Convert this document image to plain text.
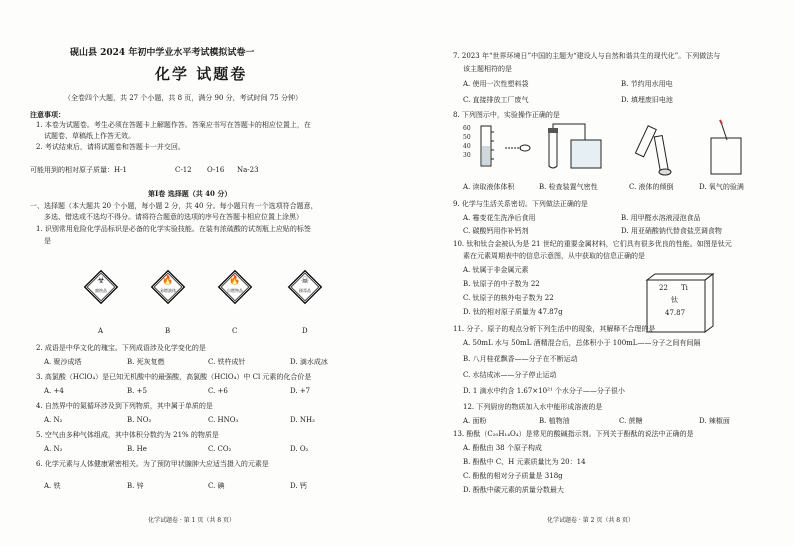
砚山县 2024 年初中学业水平考试模拟试卷一
化学 试题卷
（全卷四个大题，共 27 个小题，共 8 页，满分 90 分，考试时间 75 分钟）
注意事项：
1. 本卷为试题卷。考生必须在答题卡上解题作答。答案应书写在答题卡的相应位置上，在
试题卷、草稿纸上作答无效。
2. 考试结束后，请将试题卷和答题卡一并交回。
可能用到的相对原子质量：H-1	C-12 O-16 Na-23
第Ⅰ卷 选择题（共 40 分）
一、选择题（本大题共 20 个小题，每小题 2 分，共 40 分。每小题只有一个选项符合题意，
多选、错选或不选均不得分。请将符合题意的选项的序号在答题卡相应位置上涂黑）
1. 识别常用危险化学品标识是必备的化学实验技能。在装有浓硫酸的试剂瓶上应贴的标签
是
☣
腐蚀品
A
🔥
易燃液体
B
🔥
自燃物品
C
☠
剧毒品
D
2. 成语是中华文化的瑰宝。下列成语涉及化学变化的是
A. 聚沙成塔	B. 死灰复燃	C. 铁杵成针	D. 滴水成冰
3. 高氯酸（HClO₄）是已知无机酸中的最强酸，高氯酸（HClO₄）中 Cl 元素的化合价是
A. +4	B. +5	C. +6	D. +7
4. 自然界中的氮循环涉及到下列物质，其中属于单质的是
A. N₂	B. NO₂	C. HNO₃	D. NH₃
5. 空气由多种气体组成，其中体积分数约为 21% 的物质是
A. N₂	B. He	C. CO₂	D. O₂
6. 化学元素与人体健康紧密相关。为了预防甲状腺肿大应适当摄入的元素是
A. 铁	B. 锌	C. 碘	D. 钙
化学试题卷 · 第 1 页（共 8 页）
7. 2023 年“世界环境日”中国的主题为“建设人与自然和谐共生的现代化”。下列做法与
该主题相符的是
A. 使用一次性塑料袋	B. 节约用水用电
C. 直接排放工厂废气	D. 填埋废旧电池
8. 下列图示中，实验操作正确的是
60
50
40
30
A. 读取液体体积	B. 检查装置气密性	C. 液体的倾倒	D. 氧气的验满
9. 化学与生活关系密切。下列做法正确的是
A. 霉变花生洗净后食用	B. 用甲醛水溶液浸泡食品
C. 碳酸钙用作补钙剂	D. 用亚硝酸钠代替食盐烹调食物
10. 钛和钛合金被认为是 21 世纪的重要金属材料，它们具有很多优良的性能。如图是钛元
素在元素周期表中的信息示意图，从中获取的信息正确的是
A. 钛属于非金属元素
B. 钛原子的中子数为 22
C. 钛原子的核外电子数为 22
D. 钛的相对原子质量为 47.87g
22 Ti
钛
47.87
11. 分子、原子的观点分析下列生活中的现象，其解释不合理的是
A. 50mL 水与 50mL 酒精混合后，总体积小于 100mL——分子之间有间隔
B. 八月桂花飘香——分子在不断运动
C. 水结成冰——分子停止运动
D. 1 滴水中约含 1.67×10²¹ 个水分子——分子很小
12. 下列厨房的物质加入水中能形成溶液的是
A. 面粉	B. 植物油	C. 蔗糖	D. 辣椒面
13. 酚酞（C₂₀H₁₄O₄）是常见的酸碱指示剂。下列关于酚酞的说法中正确的是
A. 酚酞由 38 个原子构成
B. 酚酞中 C、H 元素质量比为 20：14
C. 酚酞的相对分子质量是 318g
D. 酚酞中碳元素的质量分数最大
化学试题卷 · 第 2 页（共 8 页）
